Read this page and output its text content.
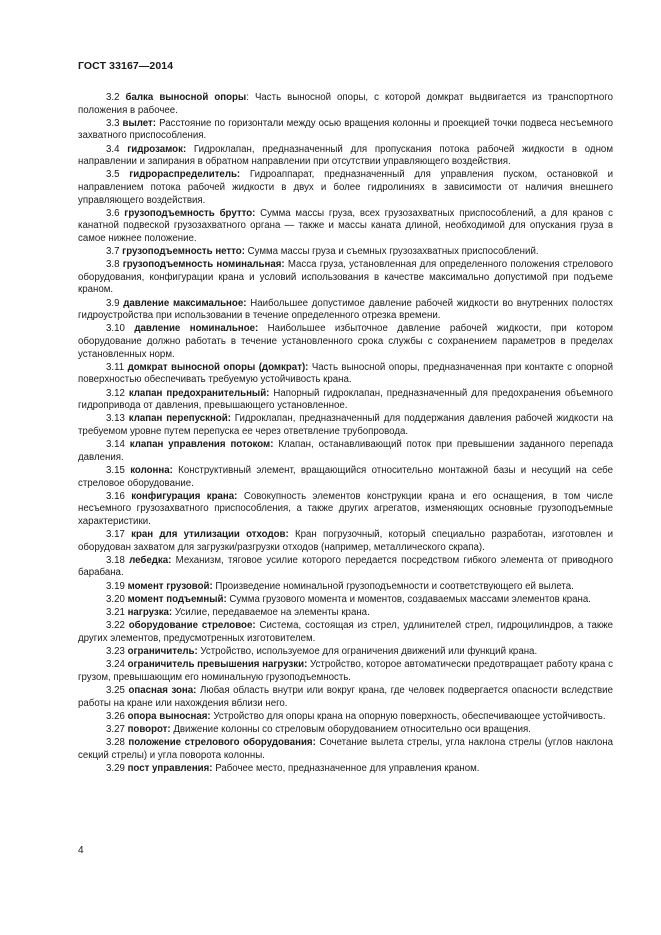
ГОСТ 33167—2014

3.2 балка выносной опоры: Часть выносной опоры, с которой домкрат выдвигается из транспортного положения в рабочее.

3.3 вылет: Расстояние по горизонтали между осью вращения колонны и проекцией точки подвеса несъемного захватного приспособления.

3.4 гидрозамок: Гидроклапан, предназначенный для пропускания потока рабочей жидкости в одном направлении и запирания в обратном направлении при отсутствии управляющего воздействия.

3.5 гидрораспределитель: Гидроаппарат, предназначенный для управления пуском, остановкой и направлением потока рабочей жидкости в двух и более гидролиниях в зависимости от наличия внешнего управляющего воздействия.

3.6 грузоподъемность брутто: Сумма массы груза, всех грузозахватных приспособлений, а для кранов с канатной подвеской грузозахватного органа — также и массы каната длиной, необходимой для опускания груза в самое нижнее положение.

3.7 грузоподъемность нетто: Сумма массы груза и съемных грузозахватных приспособлений.

3.8 грузоподъемность номинальная: Масса груза, установленная для определенного положения стрелового оборудования, конфигурации крана и условий использования в качестве максимально допустимой при подъеме краном.

3.9 давление максимальное: Наибольшее допустимое давление рабочей жидкости во внутренних полостях гидроустройства при использовании в течение определенного отрезка времени.

3.10 давление номинальное: Наибольшее избыточное давление рабочей жидкости, при котором оборудование должно работать в течение установленного срока службы с сохранением параметров в пределах установленных норм.

3.11 домкрат выносной опоры (домкрат): Часть выносной опоры, предназначенная при контакте с опорной поверхностью обеспечивать требуемую устойчивость крана.

3.12 клапан предохранительный: Напорный гидроклапан, предназначенный для предохранения объемного гидропривода от давления, превышающего установленное.

3.13 клапан перепускной: Гидроклапан, предназначенный для поддержания давления рабочей жидкости на требуемом уровне путем перепуска ее через ответвление трубопровода.

3.14 клапан управления потоком: Клапан, останавливающий поток при превышении заданного перепада давления.

3.15 колонна: Конструктивный элемент, вращающийся относительно монтажной базы и несущий на себе стреловое оборудование.

3.16 конфигурация крана: Совокупность элементов конструкции крана и его оснащения, в том числе несъемного грузозахватного приспособления, а также других агрегатов, изменяющих основные грузоподъемные характеристики.

3.17 кран для утилизации отходов: Кран погрузочный, который специально разработан, изготовлен и оборудован захватом для загрузки/разгрузки отходов (например, металлического скрапа).

3.18 лебедка: Механизм, тяговое усилие которого передается посредством гибкого элемента от приводного барабана.

3.19 момент грузовой: Произведение номинальной грузоподъемности и соответствующего ей вылета.

3.20 момент подъемный: Сумма грузового момента и моментов, создаваемых массами элементов крана.

3.21 нагрузка: Усилие, передаваемое на элементы крана.

3.22 оборудование стреловое: Система, состоящая из стрел, удлинителей стрел, гидроцилиндров, а также других элементов, предусмотренных изготовителем.

3.23 ограничитель: Устройство, используемое для ограничения движений или функций крана.

3.24 ограничитель превышения нагрузки: Устройство, которое автоматически предотвращает работу крана с грузом, превышающим его номинальную грузоподъемность.

3.25 опасная зона: Любая область внутри или вокруг крана, где человек подвергается опасности вследствие работы на кране или нахождения вблизи него.

3.26 опора выносная: Устройство для опоры крана на опорную поверхность, обеспечивающее устойчивость.

3.27 поворот: Движение колонны со стреловым оборудованием относительно оси вращения.

3.28 положение стрелового оборудования: Сочетание вылета стрелы, угла наклона стрелы (углов наклона секций стрелы) и угла поворота колонны.

3.29 пост управления: Рабочее место, предназначенное для управления краном.

4
